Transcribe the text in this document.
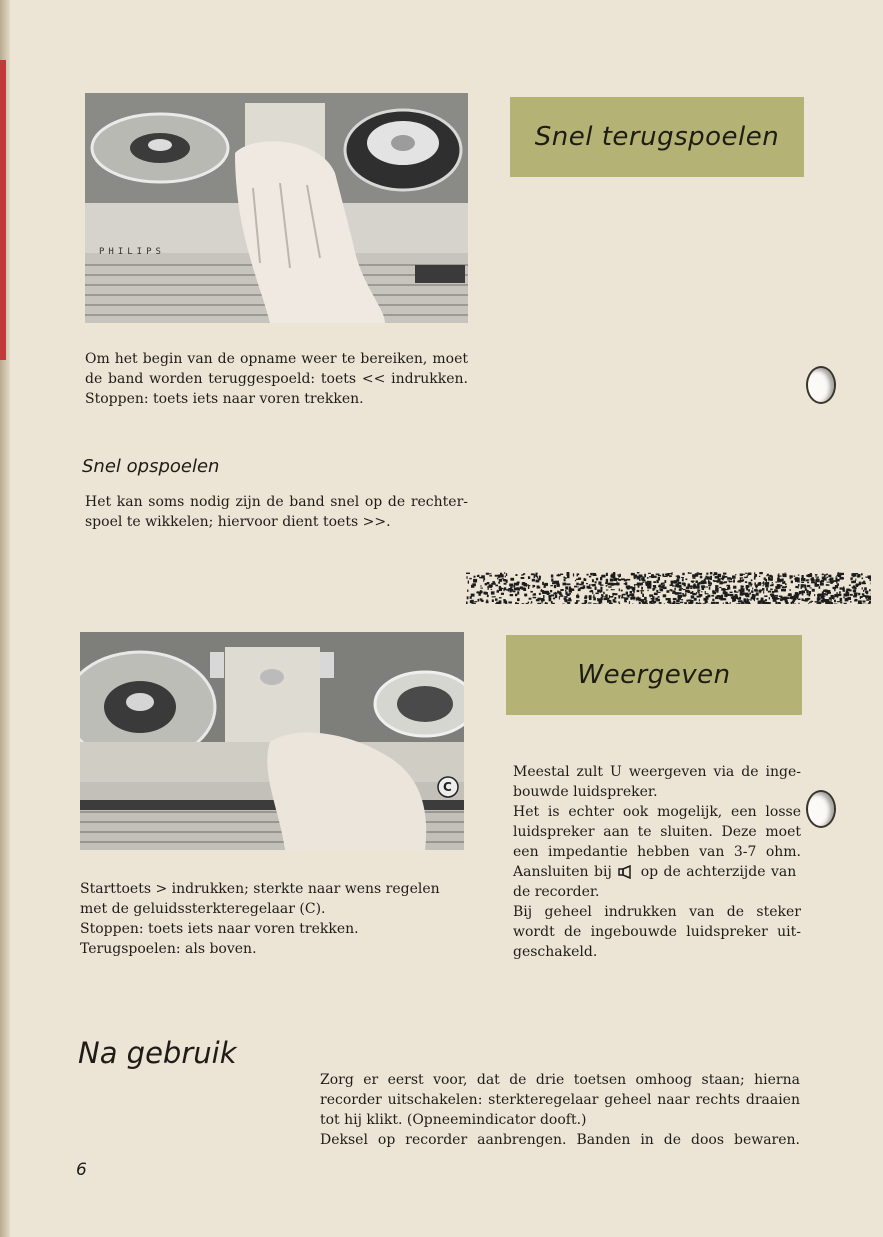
PHILIPS
Snel terugspoelen
Om het begin van de opname weer te bereiken, moet
de band worden teruggespoeld: toets << indrukken.
Stoppen: toets iets naar voren trekken.
Snel opspoelen
Het kan soms nodig zijn de band snel op de rechter-
spoel te wikkelen; hiervoor dient toets >>.
C
Weergeven
Starttoets > indrukken; sterkte naar wens regelen
met de geluidssterkteregelaar (C).
Stoppen: toets iets naar voren trekken.
Terugspoelen: als boven.
Meestal zult U weergeven via de inge-
bouwde luidspreker.
Het is echter ook mogelijk, een losse
luidspreker aan te sluiten. Deze moet
een impedantie hebben van 3-7 ohm.
Aansluiten bij op de achterzijde van
de recorder.
Bij geheel indrukken van de steker
wordt de ingebouwde luidspreker uit-
geschakeld.
Na gebruik
Zorg er eerst voor, dat de drie toetsen omhoog staan; hierna
recorder uitschakelen: sterkteregelaar geheel naar rechts draaien
tot hij klikt. (Opneemindicator dooft.)
Deksel op recorder aanbrengen. Banden in de doos bewaren.
6
